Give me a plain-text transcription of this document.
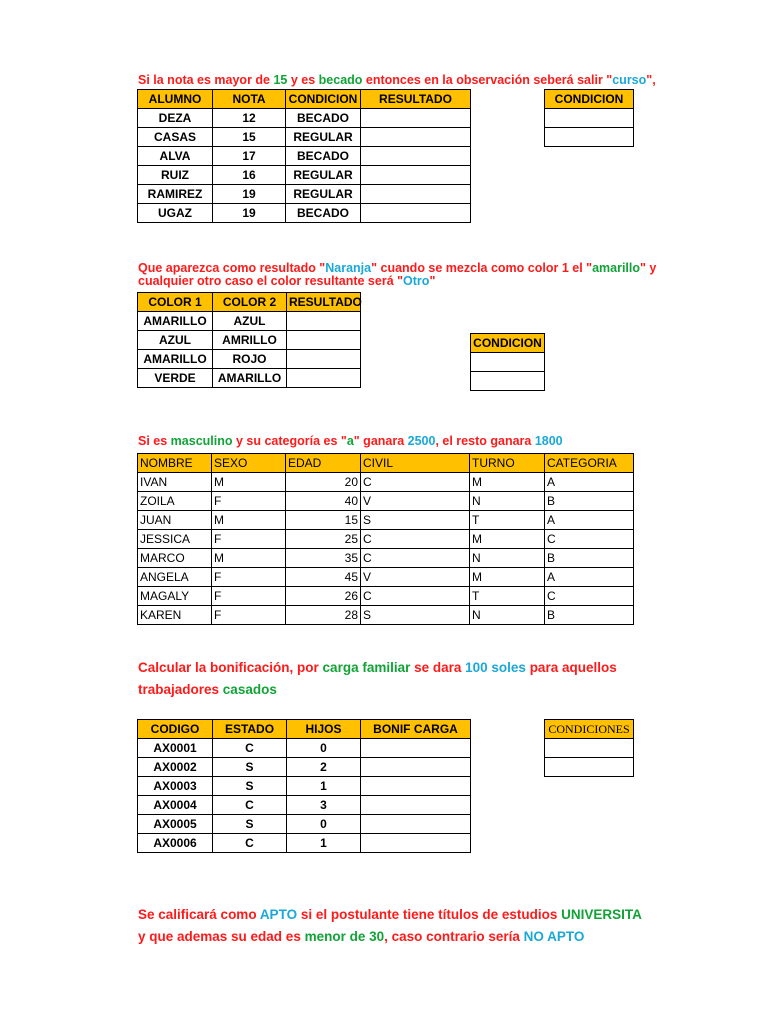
Si la nota es mayor de 15 y es becado entonces en la observación seberá salir "curso",
ALUMNO	NOTA	CONDICION	RESULTADO
DEZA	12	BECADO	
CASAS	15	REGULAR	
ALVA	17	BECADO	
RUIZ	16	REGULAR	
RAMIREZ	19	REGULAR	
UGAZ	19	BECADO	
CONDICION

Que aparezca como resultado "Naranja" cuando se mezcla como color 1 el "amarillo" y
cualquier otro caso el color resultante será "Otro"
COLOR 1	COLOR 2	RESULTADO
AMARILLO	AZUL	
AZUL	AMRILLO	
AMARILLO	ROJO	
VERDE	AMARILLO	
CONDICION

Si es masculino y su categoría es "a" ganara 2500, el resto ganara 1800
NOMBRE	SEXO	EDAD	CIVIL	TURNO	CATEGORIA
IVAN	M	20	C	M	A
ZOILA	F	40	V	N	B
JUAN	M	15	S	T	A
JESSICA	F	25	C	M	C
MARCO	M	35	C	N	B
ANGELA	F	45	V	M	A
MAGALY	F	26	C	T	C
KAREN	F	28	S	N	B
Calcular la bonificación, por carga familiar se dara 100 soles para aquellos
trabajadores casados
CODIGO	ESTADO	HIJOS	BONIF CARGA
AX0001	C	0	
AX0002	S	2	
AX0003	S	1	
AX0004	C	3	
AX0005	S	0	
AX0006	C	1	
CONDICIONES

Se calificará como APTO si el postulante tiene títulos de estudios UNIVERSITA
y que ademas su edad es menor de 30, caso contrario sería NO APTO
